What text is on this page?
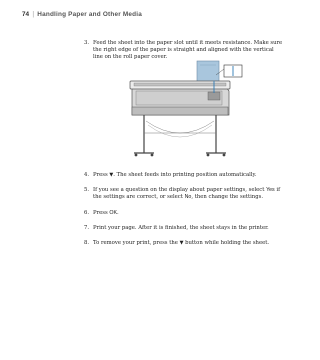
74 | Handling Paper and Other Media
3. Feed the sheet into the paper slot until it meets resistance. Make sure the right edge of the paper is straight and aligned with the vertical line on the roll paper cover.
4. Press ▼. The sheet feeds into printing position automatically.
5. If you see a question on the display about paper settings, select Yes if the settings are correct, or select No, then change the settings.
6. Press OK.
7. Print your page. After it is finished, the sheet stays in the printer.
8. To remove your print, press the ▼ button while holding the sheet.
